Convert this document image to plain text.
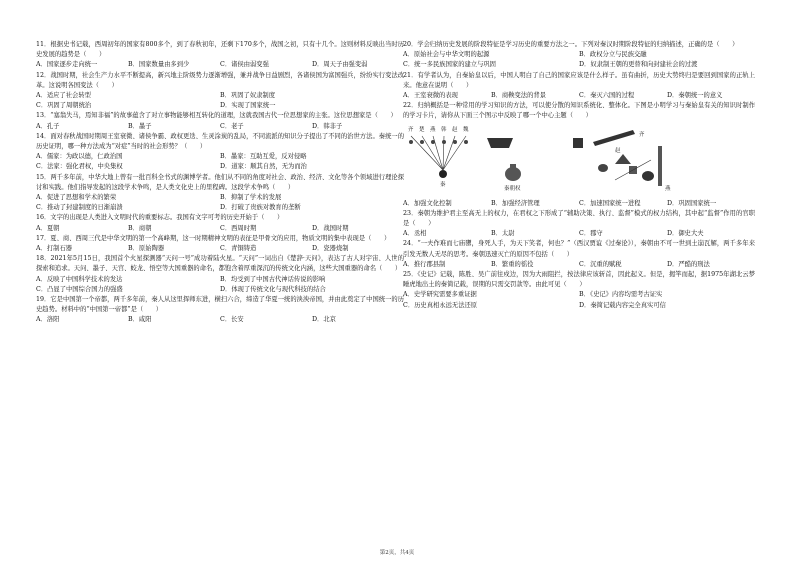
11．根据史书记载，西周初年的国家有800多个，到了春秋初年，还剩下170多个，战国之初，只有十几个。这则材料反映出当时历史发展的趋势是（　　）

A．国家逐步走向统一	B．国家数量由多到少	C．诸侯由弱变强	D．周天子由强变弱

12．战国时期，社会生产力水平不断提高，新兴地主阶级势力逐渐增强，兼并战争日益剧烈，各诸侯国为富国强兵，纷纷实行变法改革。这说明各国变法（　　）

A．适应了社会转型	B．巩固了奴隶制度
C．巩固了周朝统治	D．实现了国家统一

13．“塞翁失马，焉知非福”的故事蕴含了对立事物能够相互转化的道理，这就我国古代一位思想家的主张。这位思想家是（　　）

A．孔子	B．墨子	C．老子	D．韩非子

14．面对春秋战国时期周王室衰微、诸侯争霸、政权更迭、生灵涂炭的乱局，不同流派的知识分子提出了不同的治世方法。秦统一的历史证明，哪一种方法成为“对症”当时的社会形势？（　　）

A．儒家：为政以德，仁政治国	B．墨家：互助互爱，反对侵略
C．法家：强化君权，中央集权	D．道家：顺其自然，无为而治

15．两千多年前，中华大地上曾有一批百科全书式的渊博学者。他们从不同的角度对社会、政治、经济、文化等各个领域进行理论探讨和实践。他们指导发起的这段学术争鸣，是人类文化史上的里程碑。这段学术争鸣（　　）

A．促进了思想和学术的繁荣	B．抑制了学术的发展
C．推动了封建制度的日渐崩溃	D．打破了贵族对教育的垄断

16．文字的出现是人类进入文明时代的重要标志。我国有文字可考的历史开始于（　　）

A．夏朝	B．商朝	C．西周时期	D．战国时期

17．夏、商、西周三代是中华文明的第一个高峰期，这一时期精神文明的表征是甲骨文的应用，物质文明的集中表现是（　　）

A．打制石器	B．原始陶器	C．青铜铸造	D．瓷器烧制

18．2021年5月15日，我国首个火星探测器“天问一号”成功着陆火星。“天问”一词出自《楚辞·天问》，表达了古人对宇宙、人世的探索和追求。天问、墨子、天宫、蛟龙、悟空等大国重器的命名，都饱含着厚重深沉的传统文化内涵，这些大国重器的命名（　　）

A．反映了中国科学技术的发达	B．均受到了中国古代神话传说的影响
C．凸显了中国综合国力的强盛	D．体现了传统文化与现代科技的结合

19．它是中国第一个帝都，两千多年前，秦人从这里挥师东进，横扫六合，缔造了华夏一统的泱泱帝国，并由此奠定了中国统一的历史趋势。材料中的“中国第一帝都”是（　　）

A．洛阳	B．咸阳	C．长安	D．北京

20．学会归纳历史发展的阶段特征是学习历史的重要方法之一。下列对秦汉时期阶段特征的归纳描述，正确的是（　　）

A．原始社会与中华文明的起源	B．政权分立与民族交融
C．统一多民族国家的建立与巩固	D．奴隶制王朝的更替和向封建社会的过渡

21．有学者认为，自秦始皇以后，中国人明白了自己的国家应该是什么样子。虽有曲折，历史大势终归是要回到国家的正轨上来。他意在说明（　　）

A．王室衰微的表现	B．商鞅变法的背景	C．秦灭六国的过程	D．秦朝统一的意义

22．归纳概括是一种常用的学习知识的方法，可以使分散的知识系统化、整体化。下图是小明学习与秦始皇有关的知识时制作的学习卡片，请你从下面三个图示中反映了哪一个中心主题（　　）

齐 楚 燕 韩 赵 魏
秦
秦朝权
齐
赵
燕
A．加强文化控制	B．加强经济管理	C．加速国家统一进程	D．巩固国家统一

23．秦朝为维护君主至高无上的权力，在君权之下形成了“辅助决策、执行、监督”模式的权力结构，其中起“监督”作用的官职是（　　）

A．丞相	B．太尉	C．郡守	D．御史大夫

24．“一夫作难而七庙隳，身死人手，为天下笑者，何也？”（西汉贾谊《过秦论》），秦朝由不可一世到土崩瓦解，两千多年来引发无数人无尽的思考。秦朝迅速灭亡的原因不包括（　　）

A．推行郡县制	B．繁重的徭役	C．沉重的赋税	D．严酷的刑法

25．《史记》记载，陈胜、吴广前往戍边，因为大雨阻拦，按法律应该斩首，因此起义。但是，揭竿而起，据1975年湖北云梦睡虎地出土的秦简记载，误期的只需交罚款等。由此可见（　　）

A．史学研究需要多重证据	B．《史记》内容均需考古证实
C．历史真相永远无法还原	D．秦简记载内容完全真实可信
第2页，共4页
